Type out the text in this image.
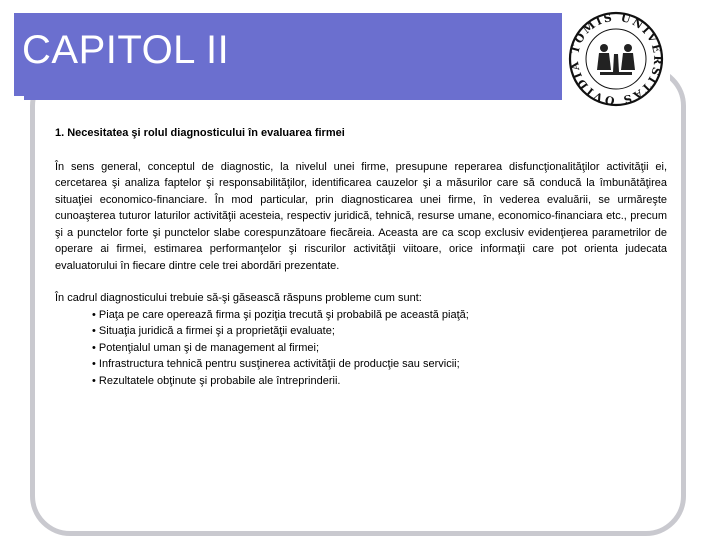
CAPITOL II	TOMIS UNIVERSITAS OVIDIA
1. Necesitatea şi rolul diagnosticului în evaluarea firmei

În sens general, conceptul de diagnostic, la nivelul unei firme, presupune reperarea disfuncţionalităţilor activităţii ei, cercetarea şi analiza faptelor şi responsabilităţilor, identificarea cauzelor şi a măsurilor care să conducă la îmbunătăţirea situaţiei economico-financiare. În mod particular, prin diagnosticarea unei firme, în vederea evaluării, se urmăreşte cunoaşterea tuturor laturilor activităţii acesteia, respectiv juridică, tehnică, resurse umane, economico-financiara etc., precum şi a punctelor forte şi punctelor slabe corespunzătoare fiecăreia. Aceasta are ca scop exclusiv evidenţierea parametrilor de operare ai firmei, estimarea performanţelor şi riscurilor activităţii viitoare, orice informaţii care pot orienta judecata evaluatorului în fiecare dintre cele trei abordări prezentate.

În cadrul diagnosticului trebuie să-şi găsească răspuns probleme cum sunt:

• Piaţa pe care operează firma şi poziţia trecută şi probabilă pe această piaţă;
• Situaţia juridică a firmei şi a proprietăţii evaluate;
• Potenţialul uman şi de management al firmei;
• Infrastructura tehnică pentru susţinerea activităţii de producţie sau servicii;
• Rezultatele obţinute şi probabile ale întreprinderii.
